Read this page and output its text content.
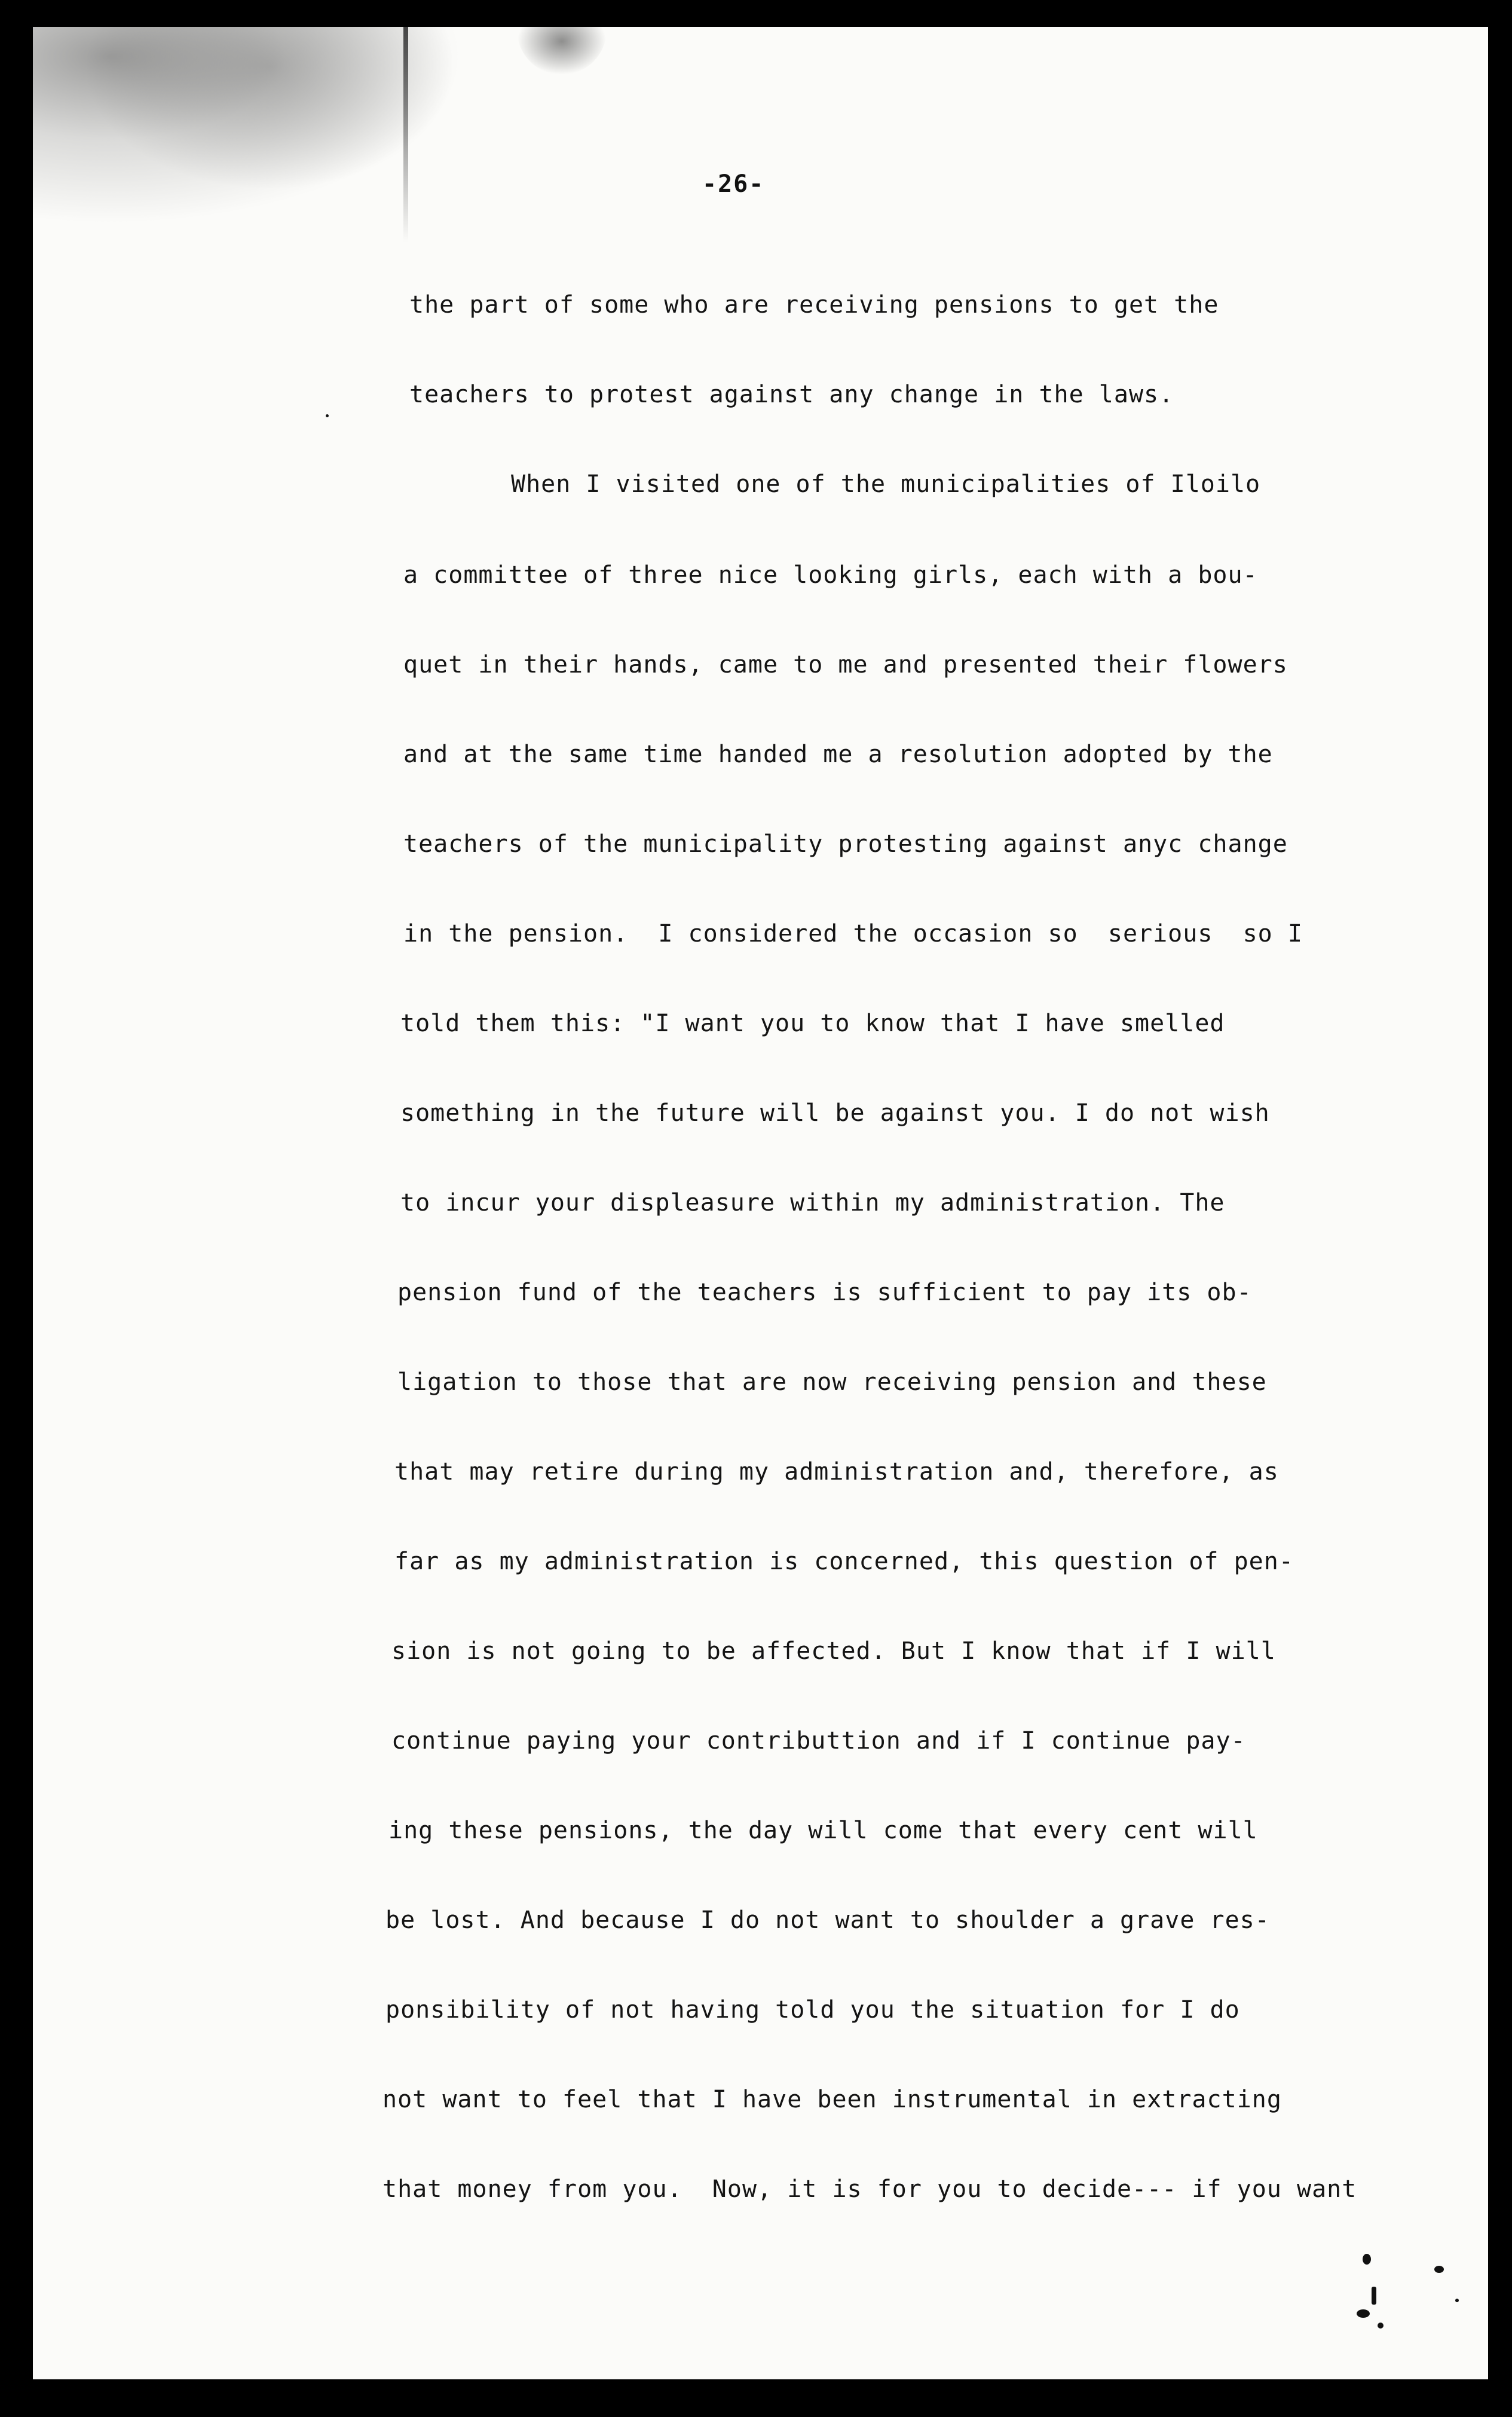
-26-
the part of some who are receiving pensions to get the
teachers to protest against any change in the laws.
When I visited one of the municipalities of Iloilo
a committee of three nice looking girls, each with a bou-
quet in their hands, came to me and presented their flowers
and at the same time handed me a resolution adopted by the
teachers of the municipality protesting against anyc change
in the pension.  I considered the occasion so  serious  so I
told them this: "I want you to know that I have smelled
something in the future will be against you. I do not wish
to incur your displeasure within my administration. The
pension fund of the teachers is sufficient to pay its ob-
ligation to those that are now receiving pension and these
that may retire during my administration and, therefore, as
far as my administration is concerned, this question of pen-
sion is not going to be affected. But I know that if I will
continue paying your contributtion and if I continue pay-
ing these pensions, the day will come that every cent will
be lost. And because I do not want to shoulder a grave res-
ponsibility of not having told you the situation for I do
not want to feel that I have been instrumental in extracting
that money from you.  Now, it is for you to decide--- if you want
